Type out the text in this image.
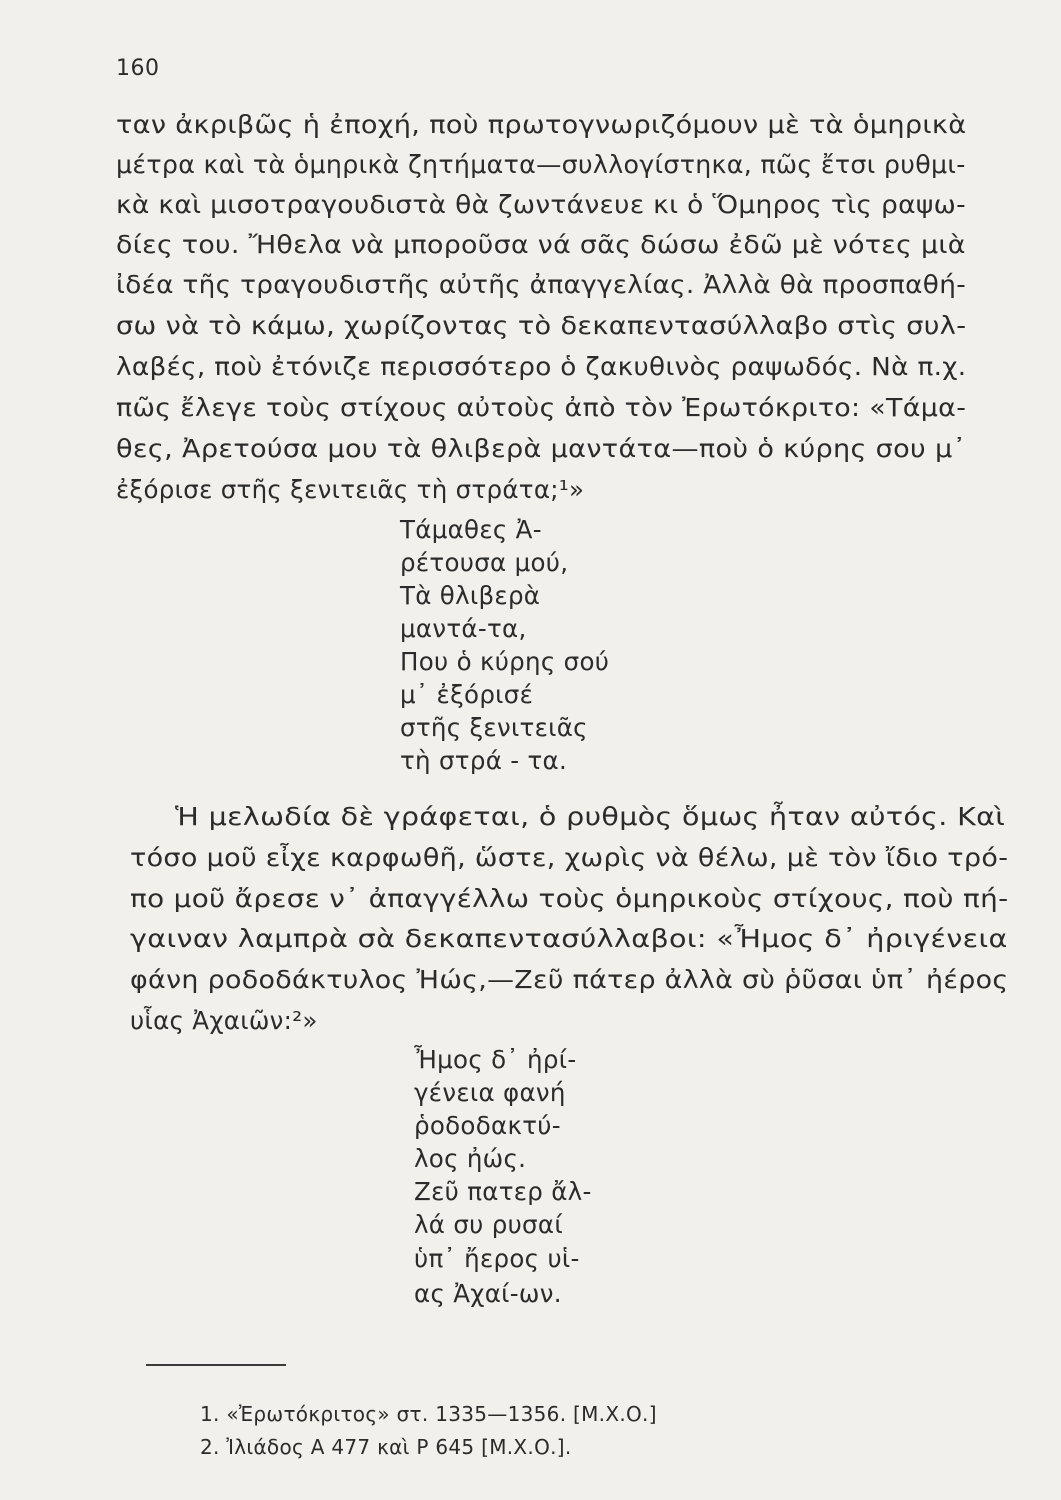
160
ταν ἀκριβῶς ἡ ἐποχή, ποὺ πρωτογνωριζόμουν μὲ τὰ ὁμηρικὰ
μέτρα καὶ τὰ ὁμηρικὰ ζητήματα—συλλογίστηκα, πῶς ἔτσι ρυθμι-
κὰ καὶ μισοτραγουδιστὰ θὰ ζωντάνευε κι ὁ Ὅμηρος τὶς ραψω-
δίες του. Ἤθελα νὰ μποροῦσα νά σᾶς δώσω ἐδῶ μὲ νότες μιὰ
ἰδέα τῆς τραγουδιστῆς αὐτῆς ἀπαγγελίας. Ἀλλὰ θὰ προσπαθή-
σω νὰ τὸ κάμω, χωρίζοντας τὸ δεκαπεντασύλλαβο στὶς συλ-
λαβές, ποὺ ἐτόνιζε περισσότερο ὁ ζακυθινὸς ραψωδός. Νὰ π.χ.
πῶς ἔλεγε τοὺς στίχους αὐτοὺς ἀπὸ τὸν Ἐρωτόκριτο: «Τάμα-
θες, Ἀρετούσα μου τὰ θλιβερὰ μαντάτα—ποὺ ὁ κύρης σου μ᾽
ἐξόρισε στῆς ξενιτειᾶς τὴ στράτα;¹»
Τάμαθες Ἀ-
ρέτουσα μού,
Τὰ θλιβερὰ
μαντά-τα,
Που ὁ κύρης σού
μ᾽ ἐξόρισέ
στῆς ξενιτειᾶς
τὴ στρά - τα.
Ἡ μελωδία δὲ γράφεται, ὁ ρυθμὸς ὅμως ἦταν αὐτός. Καὶ
τόσο μοῦ εἶχε καρφωθῆ, ὥστε, χωρὶς νὰ θέλω, μὲ τὸν ἴδιο τρό-
πο μοῦ ἄρεσε ν᾽ ἀπαγγέλλω τοὺς ὁμηρικοὺς στίχους, ποὺ πή-
γαιναν λαμπρὰ σὰ δεκαπεντασύλλαβοι: «Ἦμος δ᾽ ἠριγένεια
φάνη ροδοδάκτυλος Ἠώς,—Ζεῦ πάτερ ἀλλὰ σὺ ῥῦσαι ὑπ᾽ ἠέρος
υἷας Ἀχαιῶν:²»
Ἦμος δ᾽ ἠρί-
γένεια φανή
ῥοδοδακτύ-
λος ἠώς.
Ζεῦ πατερ ἄλ-
λά συ ρυσαί
ὑπ᾽ ἤερος υἱ-
ας Ἀχαί-ων.
1. «Ἐρωτόκριτος» στ. 1335—1356. [Μ.Χ.Ο.]
2. Ἰλιάδος Α 477 καὶ Ρ 645 [Μ.Χ.Ο.].
